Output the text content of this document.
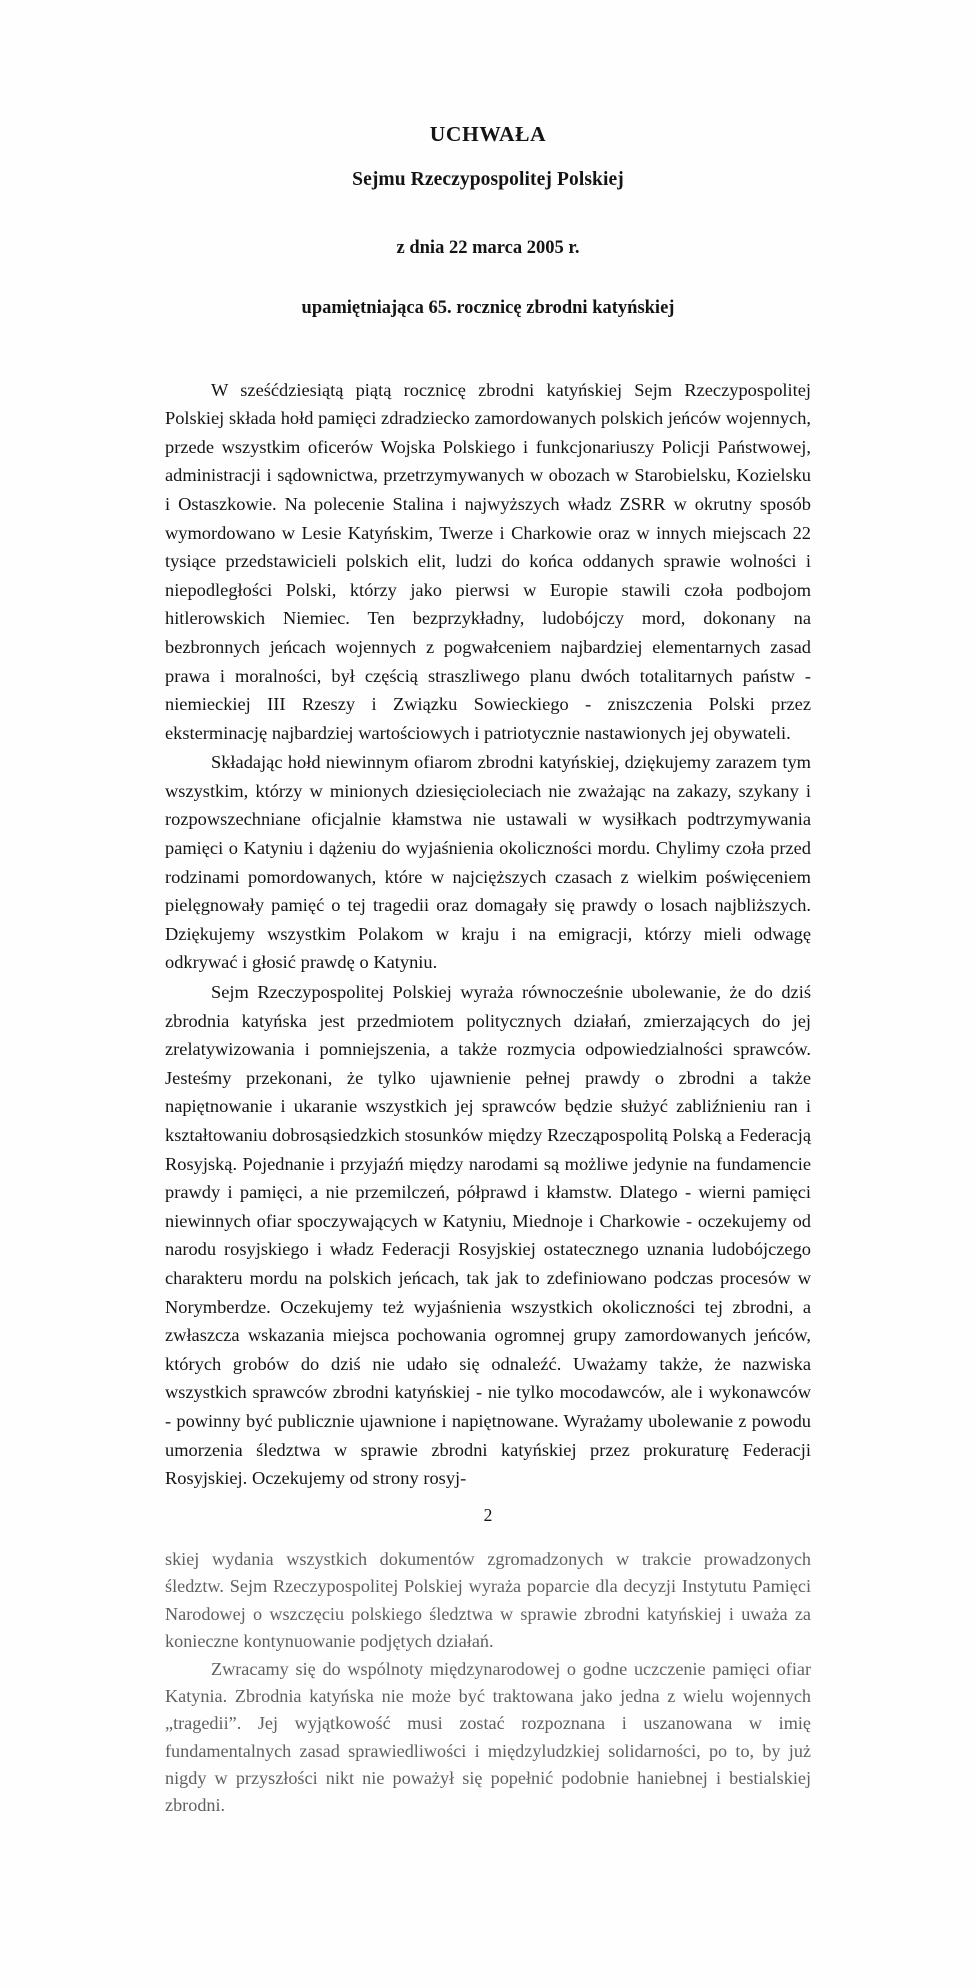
UCHWAŁA
Sejmu Rzeczypospolitej Polskiej

z dnia 22 marca 2005 r.

upamiętniająca 65. rocznicę zbrodni katyńskiej

W sześćdziesiątą piątą rocznicę zbrodni katyńskiej Sejm Rzeczypospolitej Polskiej składa hołd pamięci zdradziecko zamordowanych polskich jeńców wojennych, przede wszystkim oficerów Wojska Polskiego i funkcjonariuszy Policji Państwowej, administracji i sądownictwa, przetrzymywanych w obozach w Starobielsku, Kozielsku i Ostaszkowie. Na polecenie Stalina i najwyższych władz ZSRR w okrutny sposób wymordowano w Lesie Katyńskim, Twerze i Charkowie oraz w innych miejscach 22 tysiące przedstawicieli polskich elit, ludzi do końca oddanych sprawie wolności i niepodległości Polski, którzy jako pierwsi w Europie stawili czoła podbojom hitlerowskich Niemiec. Ten bezprzykładny, ludobójczy mord, dokonany na bezbronnych jeńcach wojennych z pogwałceniem najbardziej elementarnych zasad prawa i moralności, był częścią straszliwego planu dwóch totalitarnych państw - niemieckiej III Rzeszy i Związku Sowieckiego - zniszczenia Polski przez eksterminację najbardziej wartościowych i patriotycznie nastawionych jej obywateli.

Składając hołd niewinnym ofiarom zbrodni katyńskiej, dziękujemy zarazem tym wszystkim, którzy w minionych dziesięcioleciach nie zważając na zakazy, szykany i rozpowszechniane oficjalnie kłamstwa nie ustawali w wysiłkach podtrzymywania pamięci o Katyniu i dążeniu do wyjaśnienia okoliczności mordu. Chylimy czoła przed rodzinami pomordowanych, które w najcięższych czasach z wielkim poświęceniem pielęgnowały pamięć o tej tragedii oraz domagały się prawdy o losach najbliższych. Dziękujemy wszystkim Polakom w kraju i na emigracji, którzy mieli odwagę odkrywać i głosić prawdę o Katyniu.

Sejm Rzeczypospolitej Polskiej wyraża równocześnie ubolewanie, że do dziś zbrodnia katyńska jest przedmiotem politycznych działań, zmierzających do jej zrelatywizowania i pomniejszenia, a także rozmycia odpowiedzialności sprawców. Jesteśmy przekonani, że tylko ujawnienie pełnej prawdy o zbrodni a także napiętnowanie i ukaranie wszystkich jej sprawców będzie służyć zabliźnieniu ran i kształtowaniu dobrosąsiedzkich stosunków między Rzecząpospolitą Polską a Federacją Rosyjską. Pojednanie i przyjaźń między narodami są możliwe jedynie na fundamencie prawdy i pamięci, a nie przemilczeń, półprawd i kłamstw. Dlatego - wierni pamięci niewinnych ofiar spoczywających w Katyniu, Miednoje i Charkowie - oczekujemy od narodu rosyjskiego i władz Federacji Rosyjskiej ostatecznego uznania ludobójczego charakteru mordu na polskich jeńcach, tak jak to zdefiniowano podczas procesów w Norymberdze. Oczekujemy też wyjaśnienia wszystkich okoliczności tej zbrodni, a zwłaszcza wskazania miejsca pochowania ogromnej grupy zamordowanych jeńców, których grobów do dziś nie udało się odnaleźć. Uważamy także, że nazwiska wszystkich sprawców zbrodni katyńskiej - nie tylko mocodawców, ale i wykonawców - powinny być publicznie ujawnione i napiętnowane. Wyrażamy ubolewanie z powodu umorzenia śledztwa w sprawie zbrodni katyńskiej przez prokuraturę Federacji Rosyjskiej. Oczekujemy od strony rosyj-

2

skiej wydania wszystkich dokumentów zgromadzonych w trakcie prowadzonych śledztw. Sejm Rzeczypospolitej Polskiej wyraża poparcie dla decyzji Instytutu Pamięci Narodowej o wszczęciu polskiego śledztwa w sprawie zbrodni katyńskiej i uważa za konieczne kontynuowanie podjętych działań.

Zwracamy się do wspólnoty międzynarodowej o godne uczczenie pamięci ofiar Katynia. Zbrodnia katyńska nie może być traktowana jako jedna z wielu wojennych „tragedii”. Jej wyjątkowość musi zostać rozpoznana i uszanowana w imię fundamentalnych zasad sprawiedliwości i międzyludzkiej solidarności, po to, by już nigdy w przyszłości nikt nie poważył się popełnić podobnie haniebnej i bestialskiej zbrodni.
